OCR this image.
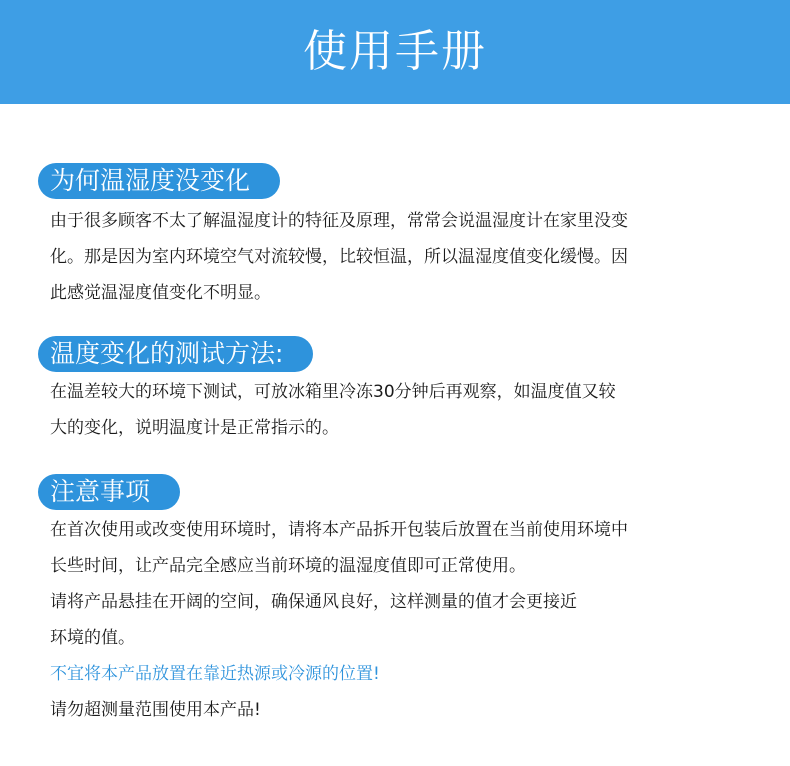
使用手册
为何温湿度没变化
由于很多顾客不太了解温湿度计的特征及原理，常常会说温湿度计在家里没变
化。那是因为室内环境空气对流较慢，比较恒温，所以温湿度值变化缓慢。因
此感觉温湿度值变化不明显。
温度变化的测试方法:
在温差较大的环境下测试，可放冰箱里冷冻30分钟后再观察，如温度值又较
大的变化，说明温度计是正常指示的。
注意事项
在首次使用或改变使用环境时，请将本产品拆开包装后放置在当前使用环境中
长些时间，让产品完全感应当前环境的温湿度值即可正常使用。
请将产品悬挂在开阔的空间，确保通风良好，这样测量的值才会更接近
环境的值。
不宜将本产品放置在靠近热源或冷源的位置!
请勿超测量范围使用本产品!
